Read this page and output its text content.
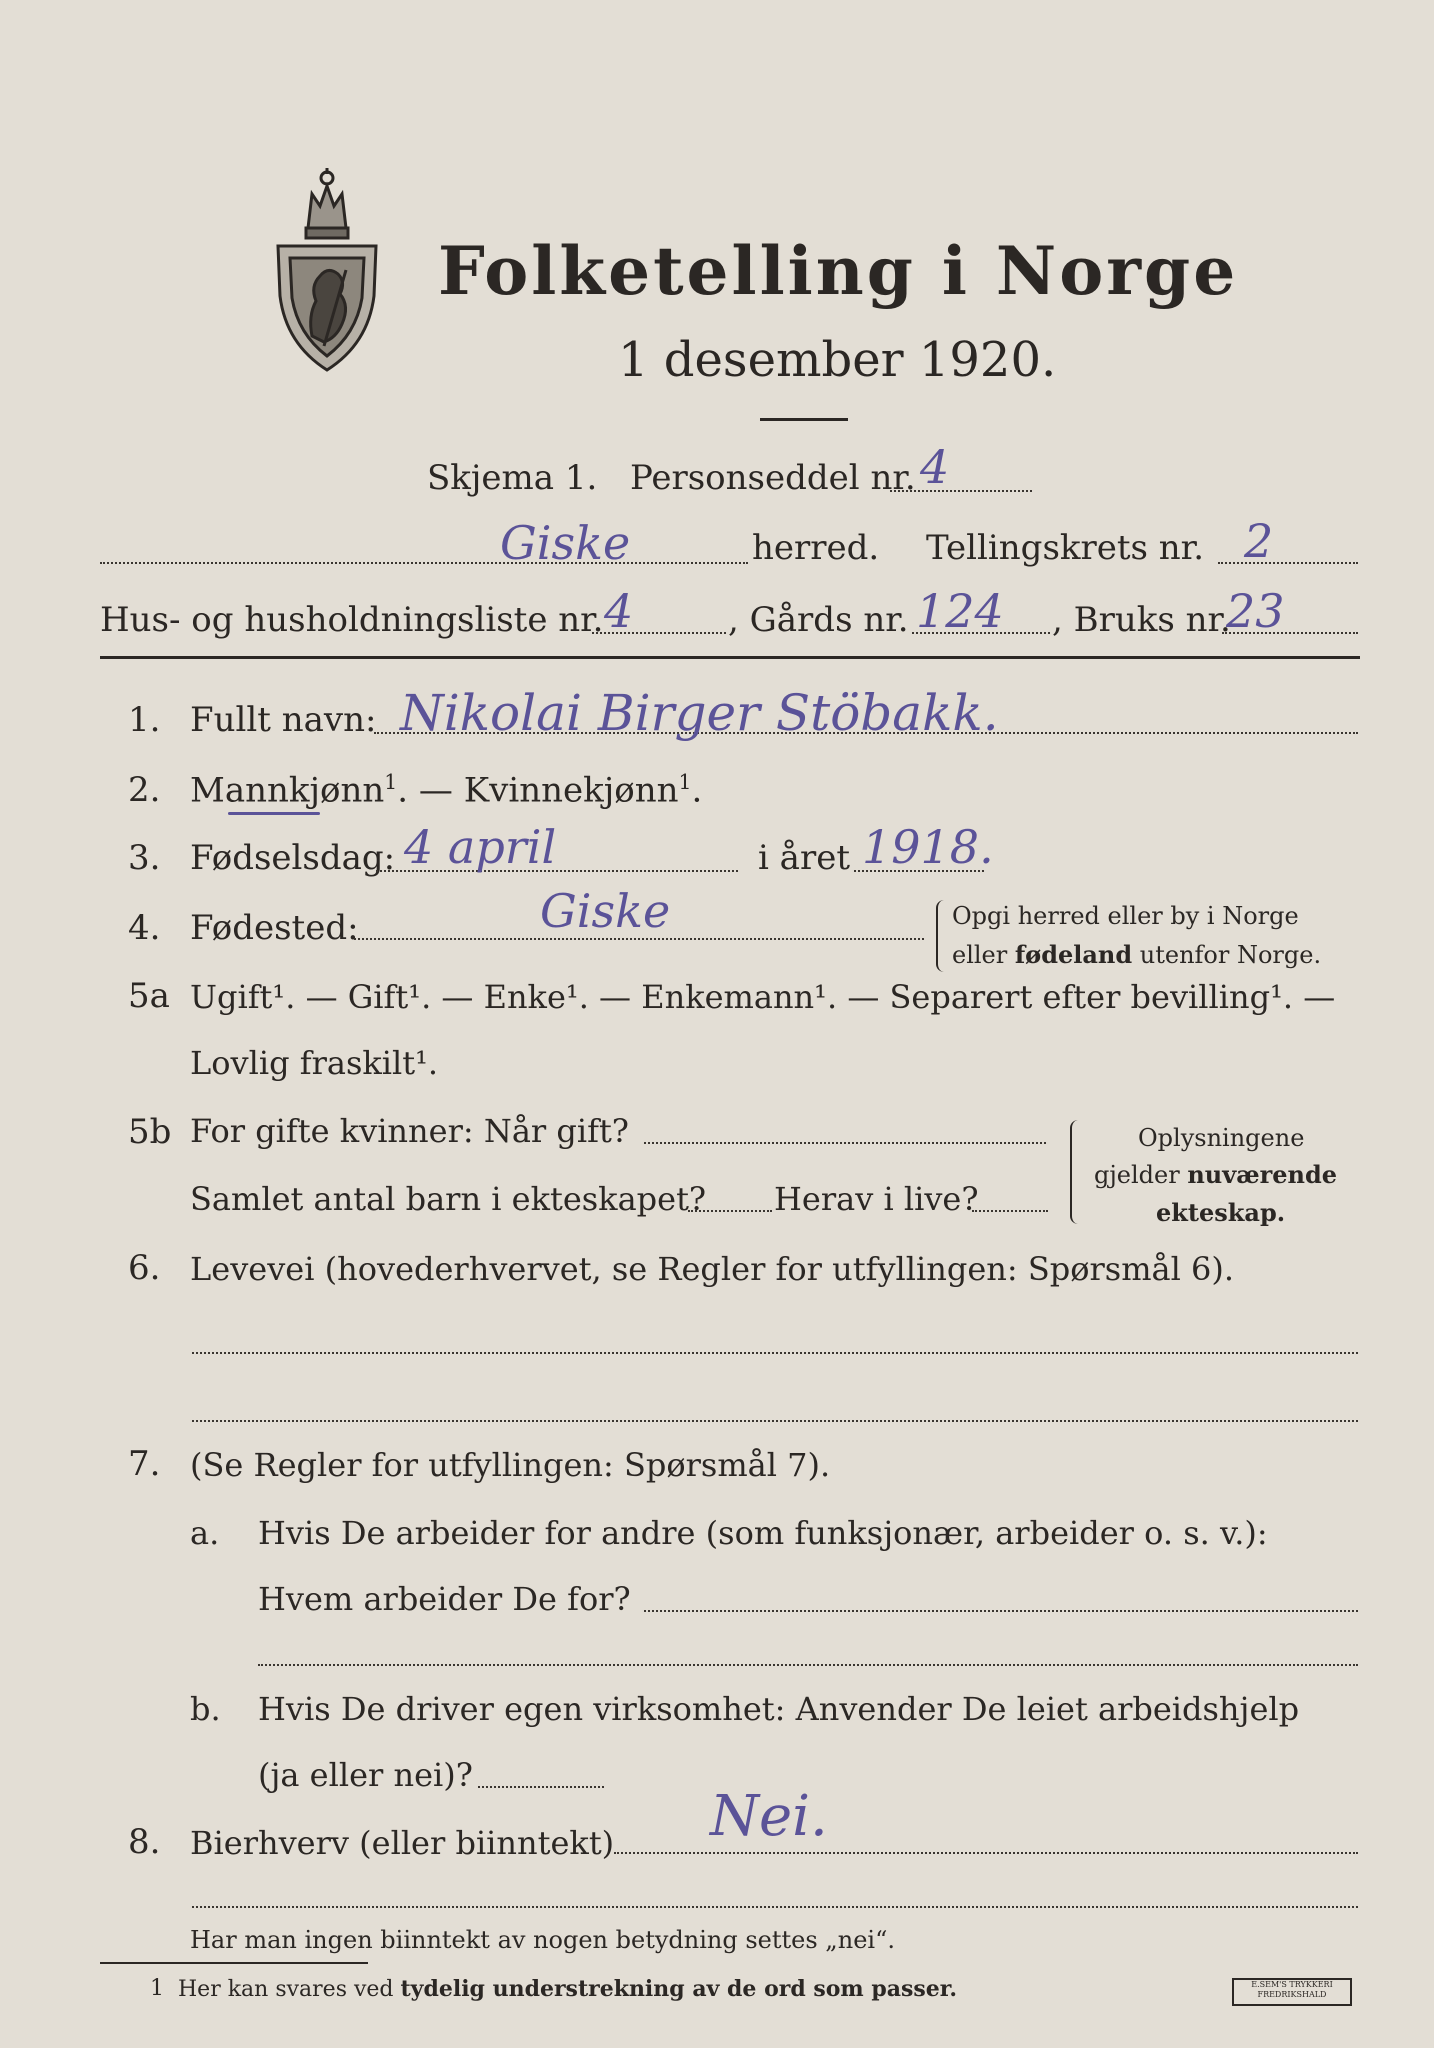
Folketelling i Norge
1 desember 1920.
Skjema 1. Personseddel nr. 4
Giske	herred. Tellingskrets nr. 2
Hus- og husholdningsliste nr. 4	, Gårds nr. 124 , Bruks nr.
23
1. Fullt navn: Nikolai Birger Stöbakk.
2. Mannkjønn$^1$. — Kvinnekjønn$^1$.
3. Fødselsdag: 4 april	i året 1918.
4. Fødested:	Giske	Opgi herred eller by i Norge
eller fødeland utenfor Norge.
5a Ugift¹. — Gift¹. — Enke¹. — Enkemann¹. — Separert efter bevilling¹. —
Lovlig fraskilt¹.
5b For gifte kvinner: Når gift?
Samlet antal barn i ekteskapet? Herav i live?
Oplysningene
gjelder nuværende
ekteskap.
6. Levevei (hovederhvervet, se Regler for utfyllingen: Spørsmål 6).
7. (Se Regler for utfyllingen: Spørsmål 7).
a. Hvis De arbeider for andre (som funksjonær, arbeider o. s. v.):
Hvem arbeider De for?
b. Hvis De driver egen virksomhet: Anvender De leiet arbeidshjelp
(ja eller nei)?
8. Bierhverv (eller biinntekt) Nei.
Har man ingen biinntekt av nogen betydning settes „nei“.
1 Her kan svares ved tydelig understrekning av de ord som passer.	E.SEM'S TRYKKERI FREDRIKSHALD
